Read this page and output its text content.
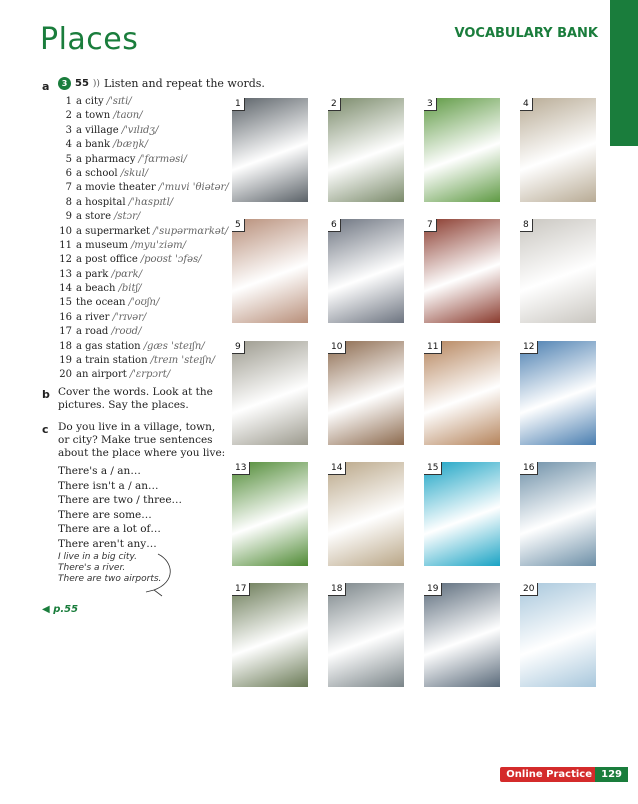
Places	VOCABULARY BANK
a	3 55 )) Listen and repeat the words.
1 a city /'sɪti/
2 a town /taʊn/
3 a village /'vɪlɪdʒ/
4 a bank /bæŋk/
5 a pharmacy /'fɑrməsi/
6 a school /skul/
7 a movie theater /'muvi 'θiətər/
8 a hospital /'hɑspɪtl/
9 a store /stɔr/
10 a supermarket /'supərmɑrkət/
11 a museum /myu'ziəm/
12 a post office /poʊst 'ɔfəs/
13 a park /pɑrk/
14 a beach /bitʃ/
15 the ocean /'oʊʃn/
16 a river /'rɪvər/
17 a road /roʊd/
18 a gas station /gæs 'steɪʃn/
19 a train station /treɪn 'steɪʃn/
20 an airport /'ɛrpɔrt/
b Cover the words. Look at the pictures. Say the places.
c Do you live in a village, town, or city? Make true sentences about the place where you live:
There's a / an…
There isn't a / an…
There are two / three…
There are some…
There are a lot of…
There aren't any…
I live in a big city.
There's a river.
There are two airports.
◀ p.55
1	2	3	4
5	6	7	8
9	10	11	12
13	14	15	16
17	18	19	20
Online Practice 129
